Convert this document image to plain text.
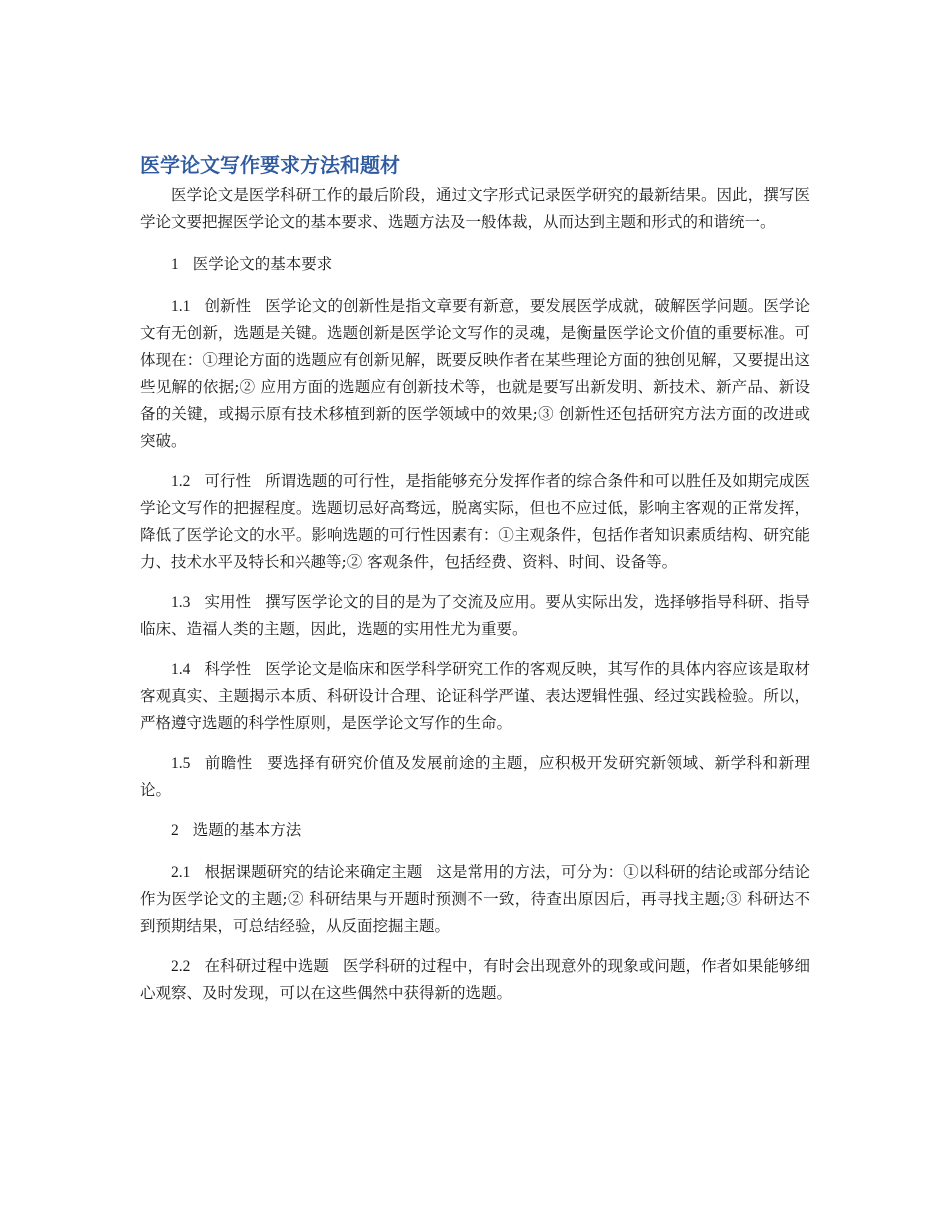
医学论文写作要求方法和题材

医学论文是医学科研工作的最后阶段，通过文字形式记录医学研究的最新结果。因此，撰写医学论文要把握医学论文的基本要求、选题方法及一般体裁，从而达到主题和形式的和谐统一。

1 医学论文的基本要求

1.1 创新性 医学论文的创新性是指文章要有新意，要发展医学成就，破解医学问题。医学论文有无创新，选题是关键。选题创新是医学论文写作的灵魂，是衡量医学论文价值的重要标准。可体现在：①理论方面的选题应有创新见解，既要反映作者在某些理论方面的独创见解，又要提出这些见解的依据;② 应用方面的选题应有创新技术等，也就是要写出新发明、新技术、新产品、新设备的关键，或揭示原有技术移植到新的医学领域中的效果;③ 创新性还包括研究方法方面的改进或突破。

1.2 可行性 所谓选题的可行性，是指能够充分发挥作者的综合条件和可以胜任及如期完成医学论文写作的把握程度。选题切忌好高骛远，脱离实际，但也不应过低，影响主客观的正常发挥，降低了医学论文的水平。影响选题的可行性因素有：①主观条件，包括作者知识素质结构、研究能力、技术水平及特长和兴趣等;② 客观条件，包括经费、资料、时间、设备等。

1.3 实用性 撰写医学论文的目的是为了交流及应用。要从实际出发，选择够指导科研、指导临床、造福人类的主题，因此，选题的实用性尤为重要。

1.4 科学性 医学论文是临床和医学科学研究工作的客观反映，其写作的具体内容应该是取材客观真实、主题揭示本质、科研设计合理、论证科学严谨、表达逻辑性强、经过实践检验。所以，严格遵守选题的科学性原则，是医学论文写作的生命。

1.5 前瞻性 要选择有研究价值及发展前途的主题，应积极开发研究新领域、新学科和新理论。

2 选题的基本方法

2.1 根据课题研究的结论来确定主题 这是常用的方法，可分为：①以科研的结论或部分结论作为医学论文的主题;② 科研结果与开题时预测不一致，待查出原因后，再寻找主题;③ 科研达不到预期结果，可总结经验，从反面挖掘主题。

2.2 在科研过程中选题 医学科研的过程中，有时会出现意外的现象或问题，作者如果能够细心观察、及时发现，可以在这些偶然中获得新的选题。
